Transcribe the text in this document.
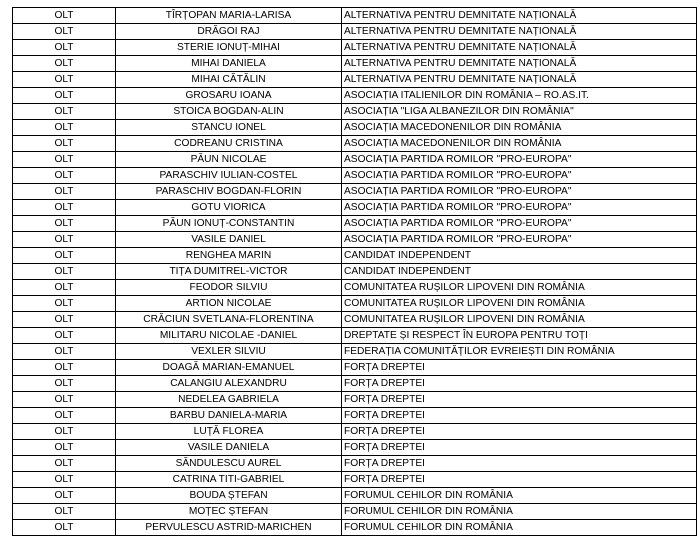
OLT	TÎRȚOPAN MARIA-LARISA	ALTERNATIVA PENTRU DEMNITATE NAȚIONALĂ
OLT	DRĂGOI RAJ	ALTERNATIVA PENTRU DEMNITATE NAȚIONALĂ
OLT	STERIE IONUȚ-MIHAI	ALTERNATIVA PENTRU DEMNITATE NAȚIONALĂ
OLT	MIHAI DANIELA	ALTERNATIVA PENTRU DEMNITATE NAȚIONALĂ
OLT	MIHAI CĂTĂLIN	ALTERNATIVA PENTRU DEMNITATE NAȚIONALĂ
OLT	GROSARU IOANA	ASOCIAȚIA ITALIENILOR DIN ROMÂNIA – RO.AS.IT.
OLT	STOICA BOGDAN-ALIN	ASOCIAȚIA "LIGA ALBANEZILOR DIN ROMÂNIA"
OLT	STANCU IONEL	ASOCIAȚIA MACEDONENILOR DIN ROMÂNIA
OLT	CODREANU CRISTINA	ASOCIAȚIA MACEDONENILOR DIN ROMÂNIA
OLT	PĂUN NICOLAE	ASOCIAȚIA PARTIDA ROMILOR "PRO-EUROPA"
OLT	PARASCHIV IULIAN-COSTEL	ASOCIAȚIA PARTIDA ROMILOR "PRO-EUROPA"
OLT	PARASCHIV BOGDAN-FLORIN	ASOCIAȚIA PARTIDA ROMILOR "PRO-EUROPA"
OLT	GOTU VIORICA	ASOCIAȚIA PARTIDA ROMILOR "PRO-EUROPA"
OLT	PĂUN IONUȚ-CONSTANTIN	ASOCIAȚIA PARTIDA ROMILOR "PRO-EUROPA"
OLT	VASILE DANIEL	ASOCIAȚIA PARTIDA ROMILOR "PRO-EUROPA"
OLT	RENGHEA MARIN	CANDIDAT INDEPENDENT
OLT	TIȚA DUMITREL-VICTOR	CANDIDAT INDEPENDENT
OLT	FEODOR SILVIU	COMUNITATEA RUȘILOR LIPOVENI DIN ROMÂNIA
OLT	ARTION NICOLAE	COMUNITATEA RUȘILOR LIPOVENI DIN ROMÂNIA
OLT	CRĂCIUN SVETLANA-FLORENTINA	COMUNITATEA RUȘILOR LIPOVENI DIN ROMÂNIA
OLT	MILITARU NICOLAE -DANIEL	DREPTATE ȘI RESPECT ÎN EUROPA PENTRU TOȚI
OLT	VEXLER SILVIU	FEDERAȚIA COMUNITĂȚILOR EVREIEȘTI DIN ROMÂNIA
OLT	DOAGĂ MARIAN-EMANUEL	FORȚA DREPTEI
OLT	CALANGIU ALEXANDRU	FORȚA DREPTEI
OLT	NEDELEA GABRIELA	FORȚA DREPTEI
OLT	BARBU DANIELA-MARIA	FORȚA DREPTEI
OLT	LUȚĂ FLOREA	FORȚA DREPTEI
OLT	VASILE DANIELA	FORȚA DREPTEI
OLT	SĂNDULESCU AUREL	FORȚA DREPTEI
OLT	CATRINA TITI-GABRIEL	FORȚA DREPTEI
OLT	BOUDA ȘTEFAN	FORUMUL CEHILOR DIN ROMÂNIA
OLT	MOȚEC ȘTEFAN	FORUMUL CEHILOR DIN ROMÂNIA
OLT	PERVULESCU ASTRID-MARICHEN	FORUMUL CEHILOR DIN ROMÂNIA
